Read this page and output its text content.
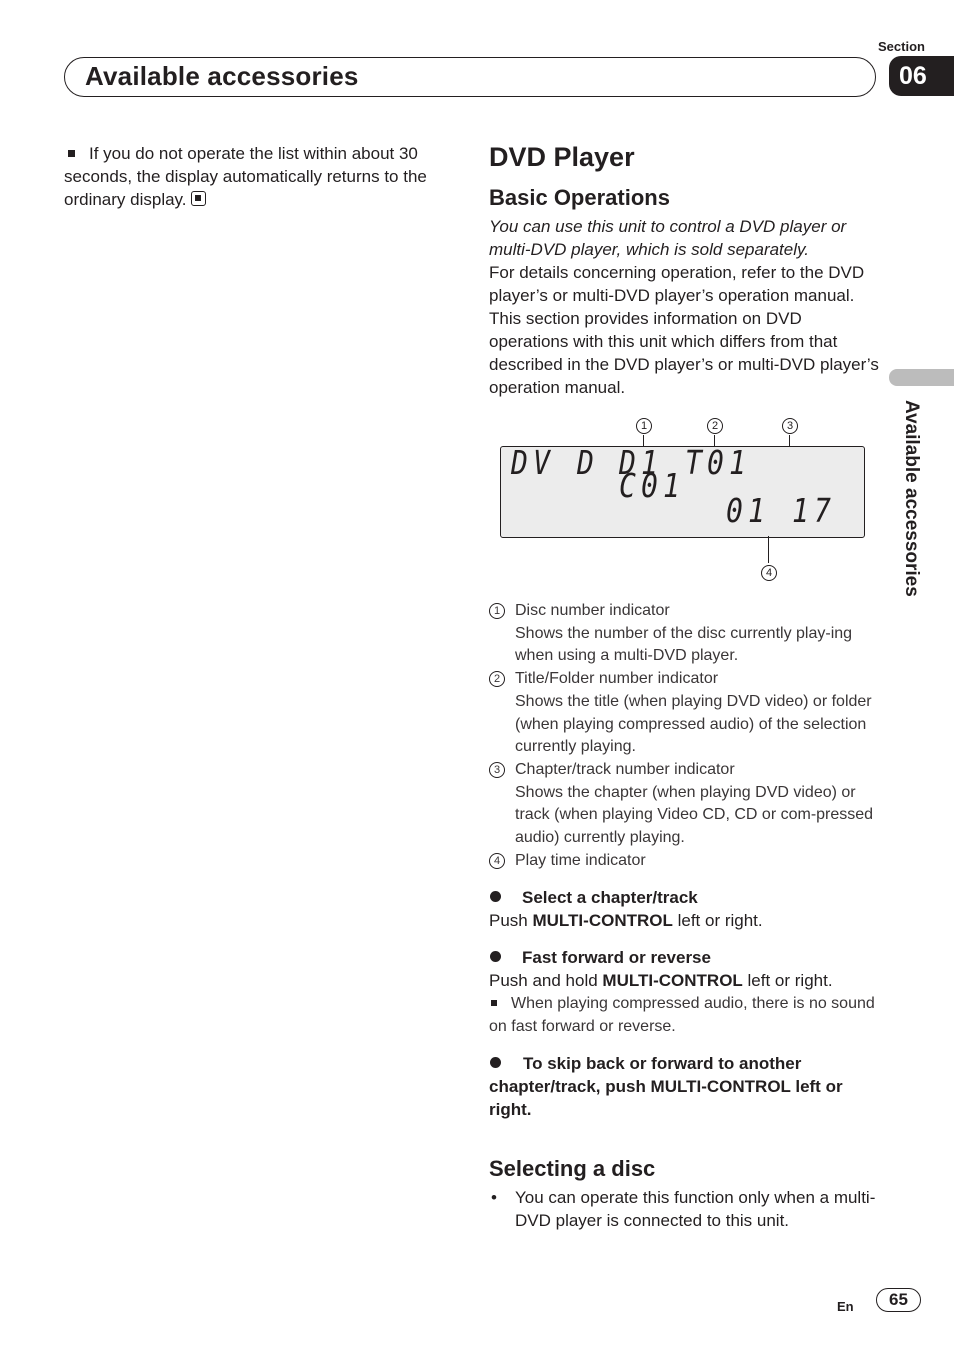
Section
06
Available accessories
Available accessories

If you do not operate the list within about 30 seconds, the display automatically returns to the ordinary display.

DVD Player
Basic Operations

You can use this unit to control a DVD player or multi-DVD player, which is sold separately.

For details concerning operation, refer to the DVD player’s or multi-DVD player’s operation manual. This section provides information on DVD operations with this unit which differs from that described in the DVD player’s or multi-DVD player’s operation manual.

1	2	3
DV D D1 T01 C01
01 17
4
1 Disc number indicator
Shows the number of the disc currently play-ing when using a multi-DVD player.
2 Title/Folder number indicator
Shows the title (when playing DVD video) or folder (when playing compressed audio) of the selection currently playing.
3 Chapter/track number indicator
Shows the chapter (when playing DVD video) or track (when playing Video CD, CD or com-pressed audio) currently playing.
4 Play time indicator
Select a chapter/track

Push MULTI-CONTROL left or right.

Fast forward or reverse

Push and hold MULTI-CONTROL left or right.

When playing compressed audio, there is no sound on fast forward or reverse.

To skip back or forward to another chapter/track, push MULTI-CONTROL left or right.

Selecting a disc
•	You can operate this function only when a multi-DVD player is connected to this unit.
En	65
